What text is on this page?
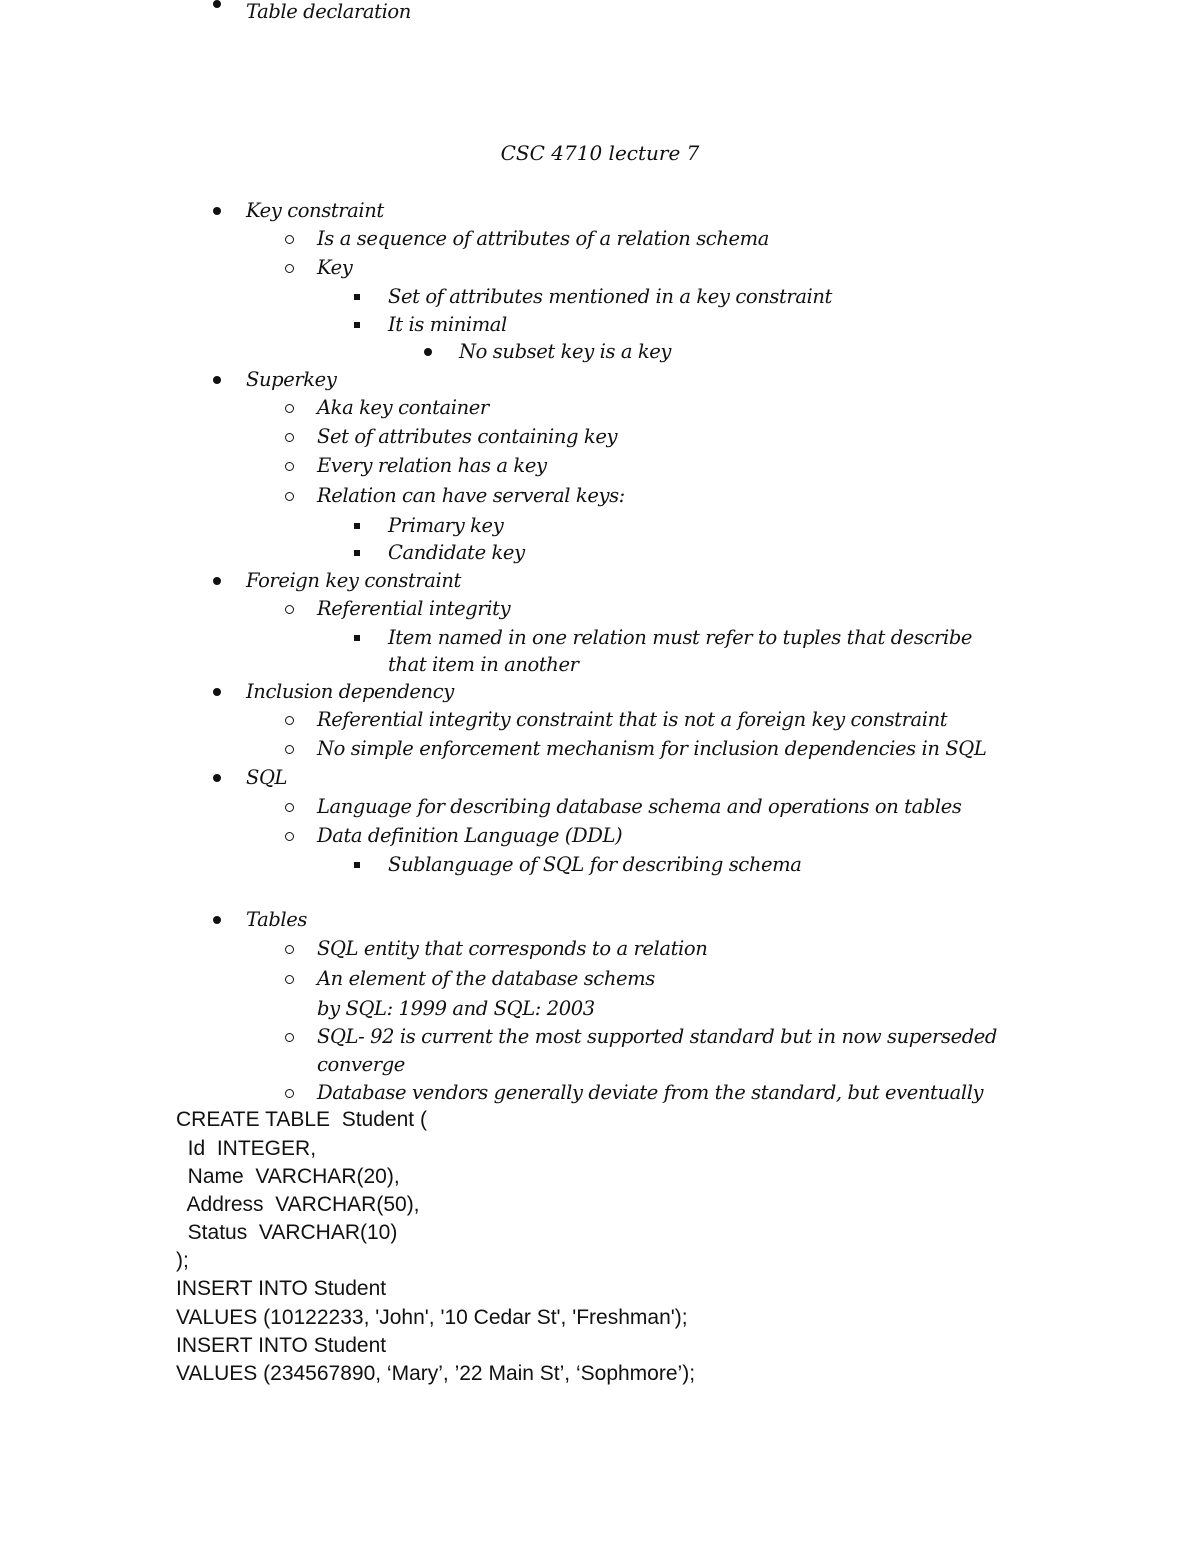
CSC 4710 lecture 7
Key constraint
Is a sequence of attributes of a relation schema
Key
Set of attributes mentioned in a key constraint
It is minimal
No subset key is a key
Superkey
Aka key container
Set of attributes containing key
Every relation has a key
Relation can have serveral keys:
Primary key
Candidate key
Foreign key constraint
Referential integrity
Item named in one relation must refer to tuples that describe
that item in another
Inclusion dependency
Referential integrity constraint that is not a foreign key constraint
No simple enforcement mechanism for inclusion dependencies in SQL
SQL
Language for describing database schema and operations on tables
Data definition Language (DDL)
Sublanguage of SQL for describing schema
Tables
SQL entity that corresponds to a relation
An element of the database schems
SQL- 92 is current the most supported standard but in now superseded
by SQL: 1999 and SQL: 2003
Database vendors generally deviate from the standard, but eventually
converge
Table declaration
CREATE TABLE  Student (
Id  INTEGER,
Name  VARCHAR(20),
Address  VARCHAR(50),
Status  VARCHAR(10)
);
INSERT INTO Student
VALUES (10122233, 'John', '10 Cedar St', 'Freshman');
INSERT INTO Student
VALUES (234567890, ‘Mary’, ’22 Main St’, ‘Sophmore’);
